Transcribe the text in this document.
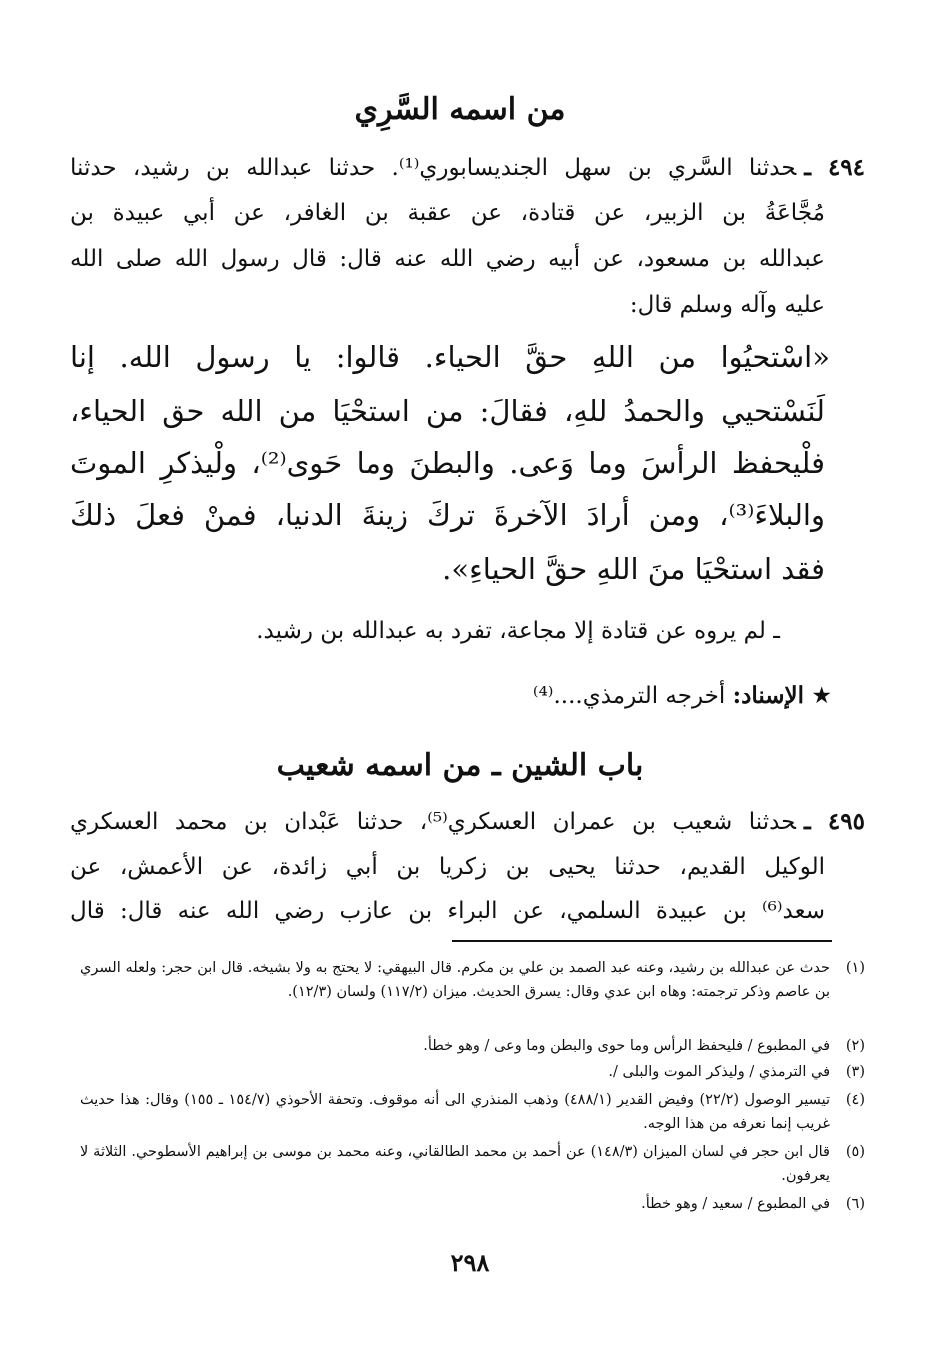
من اسمه السَّرِي
٤٩٤ ـحدثنا السَّري بن سهل الجنديسابوري⁽¹⁾. حدثنا عبدالله بن رشيد، حدثنا
مُجَّاعَةُ بن الزبير، عن قتادة، عن عقبة بن الغافر، عن أبي عبيدة بن
عبدالله بن مسعود، عن أبيه رضي الله عنه قال: قال رسول الله صلى الله
عليه وآله وسلم قال:
«اسْتحيُوا من اللهِ حقَّ الحياء. قالوا: يا رسول الله. إنا
لَنَسْتحيي والحمدُ للهِ، فقالَ: من استحْيَا من الله حق الحياء،
فلْيحفظ الرأسَ وما وَعى. والبطنَ وما حَوى⁽²⁾، ولْيذكرِ الموتَ
والبلاءَ⁽³⁾، ومن أرادَ الآخرةَ تركَ زينةَ الدنيا، فمنْ فعلَ ذلكَ
فقد استحْيَا منَ اللهِ حقَّ الحياءِ».
ـ لم يروه عن قتادة إلا مجاعة، تفرد به عبدالله بن رشيد.
★ الإسناد: أخرجه الترمذي....⁽⁴⁾
باب الشين ـ من اسمه شعيب
٤٩٥ ـحدثنا شعيب بن عمران العسكري⁽⁵⁾، حدثنا عَبْدان بن محمد العسكري
الوكيل القديم، حدثنا يحيى بن زكريا بن أبي زائدة، عن الأعمش، عن
سعد⁽⁶⁾ بن عبيدة السلمي، عن البراء بن عازب رضي الله عنه قال: قال
(١)
حدث عن عبدالله بن رشيد، وعنه عبد الصمد بن علي بن مكرم. قال البيهقي: لا يحتج به ولا بشيخه. قال ابن حجر: ولعله السري بن عاصم وذكر ترجمته: وهاه ابن عدي وقال: يسرق الحديث. ميزان (١١٧/٢) ولسان (١٢/٣).
(٢)
في المطبوع / فليحفظ الرأس وما حوى والبطن وما وعى / وهو خطأ.
(٣)
في الترمذي / وليذكر الموت والبلى /.
(٤)
تيسير الوصول (٢٢/٢) وفيض القدير (٤٨٨/١) وذهب المنذري الى أنه موقوف. وتحفة الأحوذي (١٥٤/٧ ـ ١٥٥) وقال: هذا حديث غريب إنما نعرفه من هذا الوجه.
(٥)
قال ابن حجر في لسان الميزان (١٤٨/٣) عن أحمد بن محمد الطالقاني، وعنه محمد بن موسى بن إبراهيم الأسطوحي. الثلاثة لا يعرفون.
(٦)
في المطبوع / سعيد / وهو خطأ.
٢٩٨
